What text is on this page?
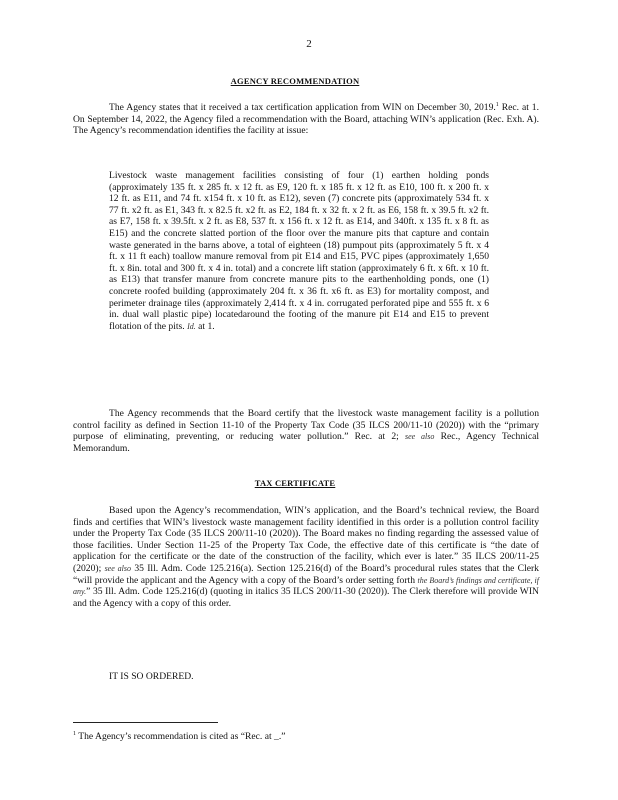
2
AGENCY RECOMMENDATION

The Agency states that it received a tax certification application from WIN on December 30, 2019.$^1$ Rec. at 1. On September 14, 2022, the Agency filed a recommendation with the Board, attaching WIN’s application (Rec. Exh. A). The Agency’s recommendation identifies the facility at issue:

Livestock waste management facilities consisting of four (1) earthen holding ponds (approximately 135 ft. x 285 ft. x 12 ft. as E9, 120 ft. x 185 ft. x 12 ft. as E10, 100 ft. x 200 ft. x 12 ft. as E11, and 74 ft. x154 ft. x 10 ft. as E12), seven (7) concrete pits (approximately 534 ft. x 77 ft. x2 ft. as E1, 343 ft. x 82.5 ft. x2 ft. as E2, 184 ft. x 32 ft. x 2 ft. as E6, 158 ft. x 39.5 ft. x2 ft. as E7, 158 ft. x 39.5ft. x 2 ft. as E8, 537 ft. x 156 ft. x 12 ft. as E14, and 340ft. x 135 ft. x 8 ft. as E15) and the concrete slatted portion of the floor over the manure pits that capture and contain waste generated in the barns above, a total of eighteen (18) pumpout pits (approximately 5 ft. x 4 ft. x 11 ft each) toallow manure removal from pit E14 and E15, PVC pipes (approximately 1,650 ft. x 8in. total and 300 ft. x 4 in. total) and a concrete lift station (approximately 6 ft. x 6ft. x 10 ft. as E13) that transfer manure from concrete manure pits to the earthenholding ponds, one (1) concrete roofed building (approximately 204 ft. x 36 ft. x6 ft. as E3) for mortality compost, and perimeter drainage tiles (approximately 2,414 ft. x 4 in. corrugated perforated pipe and 555 ft. x 6 in. dual wall plastic pipe) locatedaround the footing of the manure pit E14 and E15 to prevent flotation of the pits. Id. at 1.

The Agency recommends that the Board certify that the livestock waste management facility is a pollution control facility as defined in Section 11-10 of the Property Tax Code (35 ILCS 200/11-10 (2020)) with the “primary purpose of eliminating, preventing, or reducing water pollution.” Rec. at 2; see also Rec., Agency Technical Memorandum.

TAX CERTIFICATE

Based upon the Agency’s recommendation, WIN’s application, and the Board’s technical review, the Board finds and certifies that WIN’s livestock waste management facility identified in this order is a pollution control facility under the Property Tax Code (35 ILCS 200/11-10 (2020)). The Board makes no finding regarding the assessed value of those facilities. Under Section 11-25 of the Property Tax Code, the effective date of this certificate is “the date of application for the certificate or the date of the construction of the facility, which ever is later.” 35 ILCS 200/11-25 (2020); see also 35 Ill. Adm. Code 125.216(a). Section 125.216(d) of the Board’s procedural rules states that the Clerk “will provide the applicant and the Agency with a copy of the Board’s order setting forth the Board’s findings and certificate, if any.” 35 Ill. Adm. Code 125.216(d) (quoting in italics 35 ILCS 200/11-30 (2020)). The Clerk therefore will provide WIN and the Agency with a copy of this order.

IT IS SO ORDERED.

$^1$ The Agency’s recommendation is cited as “Rec. at _.”
